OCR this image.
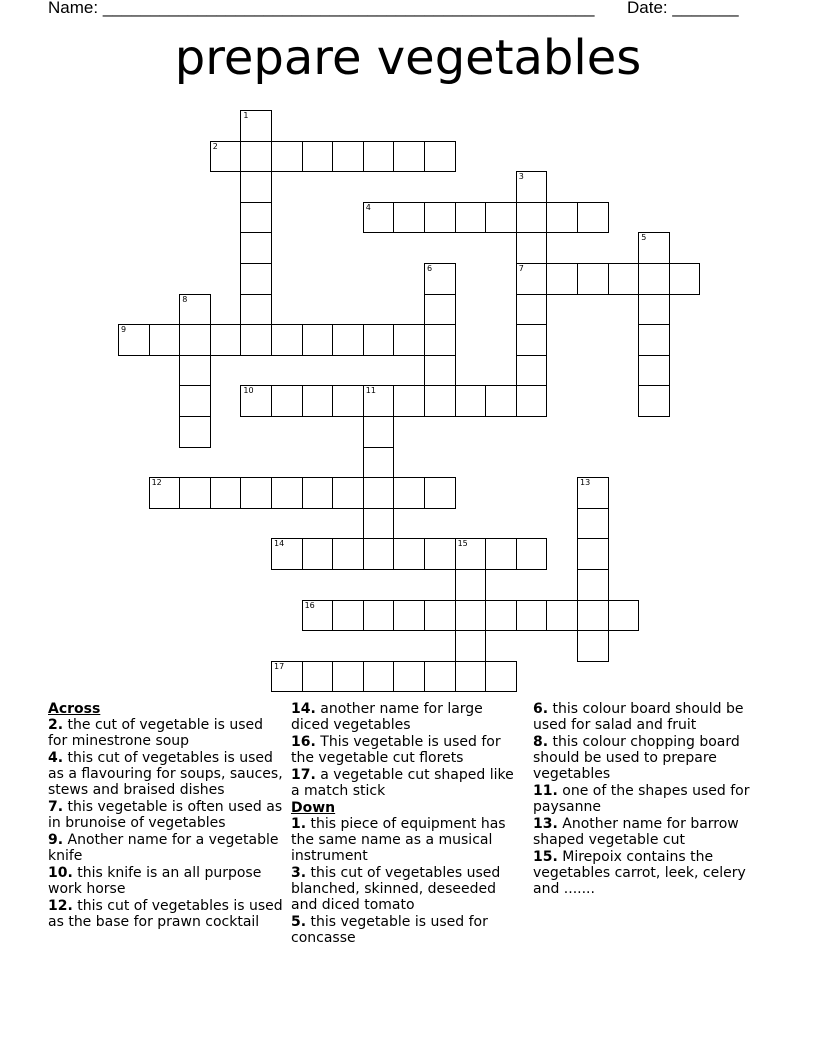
Name: ____________________________________________________ Date: _______
prepare vegetables
2
4
7
9
10	11
12
14	15
16
17
1
3
5
6
8
13
Across
2. the cut of vegetable is used for minestrone soup
4. this cut of vegetables is used as a flavouring for soups, sauces, stews and braised dishes
7. this vegetable is often used as in brunoise of vegetables
9. Another name for a vegetable knife
10. this knife is an all purpose work horse
12. this cut of vegetables is used as the base for prawn cocktail
14. another name for large diced vegetables
16. This vegetable is used for the vegetable cut florets
17. a vegetable cut shaped like a match stick
Down
1. this piece of equipment has the same name as a musical instrument
3. this cut of vegetables used blanched, skinned, deseeded and diced tomato
5. this vegetable is used for concasse
6. this colour board should be used for salad and fruit
8. this colour chopping board should be used to prepare vegetables
11. one of the shapes used for paysanne
13. Another name for barrow shaped vegetable cut
15. Mirepoix contains the vegetables carrot, leek, celery and .......
